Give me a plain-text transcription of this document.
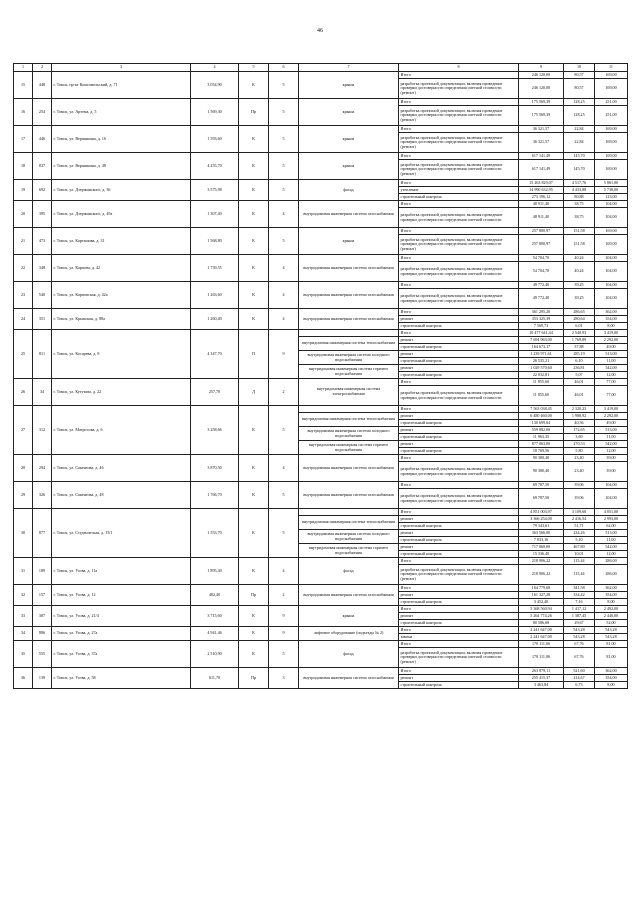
46
1	2	3	4	5	6	7	8	9	10	11
15	448	г. Томск, пр-кт Комсомольский, д. 71	3 054,90	К	5	крыша	Итого	246 120,00	80,57	169,00
							разработка проектной документации, включая проведение проверки достоверности определения сметной стоимости (ремонт)	246 120,00	80,57	169,00
16	254	г. Томск, ул. Артема, д. 5	1 569,30	Пр	5	крыша	Итого	175 569,39	128,25	251,00
							разработка проектной документации, включая проведение проверки достоверности определения сметной стоимости (ремонт)	175 569,39	128,25	251,00
17	446	г. Томск, ул. Вершинина, д. 16	1 593,60	К	5	крыша	Итого	36 321,57	22,84	169,00
							разработка проектной документации, включая проведение проверки достоверности определения сметной стоимости (ремонт)	36 321,57	22,84	169,00
18	837	г. Томск, ул. Вершинина, д. 48	4 255,70	К	5	крыша	Итого	617 141,49	145,70	169,00
							разработка проектной документации, включая проведение проверки достоверности определения сметной стоимости (ремонт)	617 141,49	145,70	169,00
19	692	г. Томск, ул. Дзержинского, д. 36	3 575,98	К	5	фасад	Итого	15 263 829,07	4 517,76	5 861,00
							утепление	14 990 632,95	4 433,88	5 738,00
							строительный контроль	273 196,12	80,88	123,00
20	395	г. Томск, ул. Дзержинского, д. 49а	1 307,40	К	4	внутридомовая инженерная система газоснабжения	Итого	48 911,40	38,75	104,00
							разработка проектной документации, включая проведение проверки достоверности определения сметной стоимости	48 911,40	38,75	104,00
21	473	г. Томск, ул. Карташова, д. 31	1 568,80	К	5	крыша	Итого	257 800,97	151,58	169,00
							разработка проектной документации, включая проведение проверки достоверности определения сметной стоимости (ремонт)	257 800,97	151,58	169,00
22	348	г. Томск, ул. Карпова, д. 42	1 739,55	К	4	внутридомовая инженерная система газоснабжения	Итого	54 704,70	40,24	104,00
							разработка проектной документации, включая проведение проверки достоверности определения сметной стоимости	54 704,70	40,24	104,00
23	540	г. Томск, ул. Карповская, д. 42а	1 263,60	К	4	внутридомовая инженерная система газоснабжения	Итого	49 772,40	39,25	104,00
							разработка проектной документации, включая проведение проверки достоверности определения сметной стоимости	49 772,40	39,25	104,00
24	351	г. Томск, ул. Крымская, д. 88а	1 260,40	К	4	внутридомовая инженерная система газоснабжения	Итого	361 295,20	286,65	362,00
							ремонт	353 325,39	280,64	354,00
							строительный контроль	7 569,73	6,01	8,00
25	811	г. Томск, ул. Косарева, д. 8	4 347,70	П	9		Итого	10 477 641,44	2 540,93	3 419,00
						внутридомовая инженерная система теплоснабжения	ремонт	7 694 963,00	1 769,89	2 292,00
							строительный контроль	164 673,17	37,88	49,00
						внутридомовая инженерная система холодного водоснабжения	ремонт	1 239 971,61	285,19	513,00
							строительный контроль	26 535,21	6,10	11,00
						внутридомовая инженерная система горячего водоснабжения	ремонт	1 029 570,60	236,81	542,00
							строительный контроль	22 032,81	5,07	12,00
26	34	г. Томск, ул. Кутузова, д. 22	257,70	Д	2	внутридомовая инженерная система электроснабжения	Итого	11 855,60	46,01	77,00
							разработка проектной документации, включая проведение проверки достоверности определения сметной стоимости	11 855,60	46,01	77,00
27	312	г. Томск, ул. Матросова, д. 6	3 258,66	К	5		Итого	7 563 038,45	2 320,23	3 419,00
						внутридомовая инженерная система теплоснабжения	ремонт	6 480 460,00	1 988,92	2 292,00
							строительный контроль	130 699,64	40,56	49,00
						внутридомовая инженерная система холодного водоснабжения	ремонт	559 082,00	172,65	513,00
							строительный контроль	11 963,35	3,69	11,00
						внутридомовая инженерная система горячего водоснабжения	ремонт	877 063,00	270,53	542,00
							строительный контроль	18 769,56	5,80	12,00
28	294	г. Томск, ул. Сакентова, д. 46	3 870,50	К	4	внутридомовая инженерная система газоснабжения	Итого	90 380,40	23,40	39,00
							разработка проектной документации, включая проведение проверки достоверности определения сметной стоимости	90 380,40	23,40	39,00
29	326	г. Томск, ул. Сакентова, д. 48	1 766,70	К	5	внутридомовая инженерная система газоснабжения	Итого	69 787,50	39,06	104,00
							разработка проектной документации, включая проведение проверки достоверности определения сметной стоимости	69 787,50	39,06	104,00
30	877	г. Томск, ул. Студенческая, д. 15/1	1 553,70	К	5		Итого	4 851 003,97	3 109,60	4 051,00
						внутридомовая инженерная система теплоснабжения	ремонт	3 366 254,00	2 416,54	2 993,00
							строительный контроль	79 343,61	51,71	62,00
						внутридомовая инженерная система холодного водоснабжения	ремонт	363 566,00	234,26	513,00
							строительный контроль	7 833,16	5,10	11,00
						внутридомовая инженерная система горячего водоснабжения	ремонт	717 060,00	467,80	542,00
							строительный контроль	15 336,40	10,01	12,00
31	189	г. Томск, ул. Усова, д. 11а	1 895,30	К	4	фасад	Итого	218 906,22	115,44	286,00
							разработка проектной документации, включая проведение проверки достоверности определения сметной стоимости (ремонт)	218 906,22	115,44	286,00
32	157	г. Томск, ул. Усова, д. 12	482,40	Пр	2	внутридомовая инженерная система газоснабжения	Итого	164 779,68	341,58	362,00
							ремонт	161 327,28	334,42	354,00
							строительный контроль	3 452,40	7,16	8,00
33	387	г. Томск, ул. Усова, д. 21/4	3 715,60	К	9	крыша	Итого	5 368 560,94	1 417,12	2 492,00
							ремонт	5 264 774,26	1 387,45	2 440,00
							строительный контроль	80 586,68	29,67	52,00
34	886	г. Томск, ул. Усова, д. 27а	4 941,46	К	9	лифтовое оборудование (подъезды № 2)	Итого	2 241 647,00	543,28	543,28
							замена	2 241 647,00	543,28	543,28
35	555	г. Томск, ул. Усова, д. 37а	2 510,90	К	5	фасад	Итого	170 111,06	67,76	81,00
							разработка проектной документации, включая проведение проверки достоверности определения сметной стоимости (ремонт)	170 111,06	67,76	81,00
36	139	г. Томск, ул. Усова, д. 58	611,70	Пр	3	внутридомовая инженерная система газоснабжения	Итого	263 879,11	521,60	362,00
							ремонт	255 415,37	214,67	354,00
							строительный контроль	3 463,84	6,73	8,00
